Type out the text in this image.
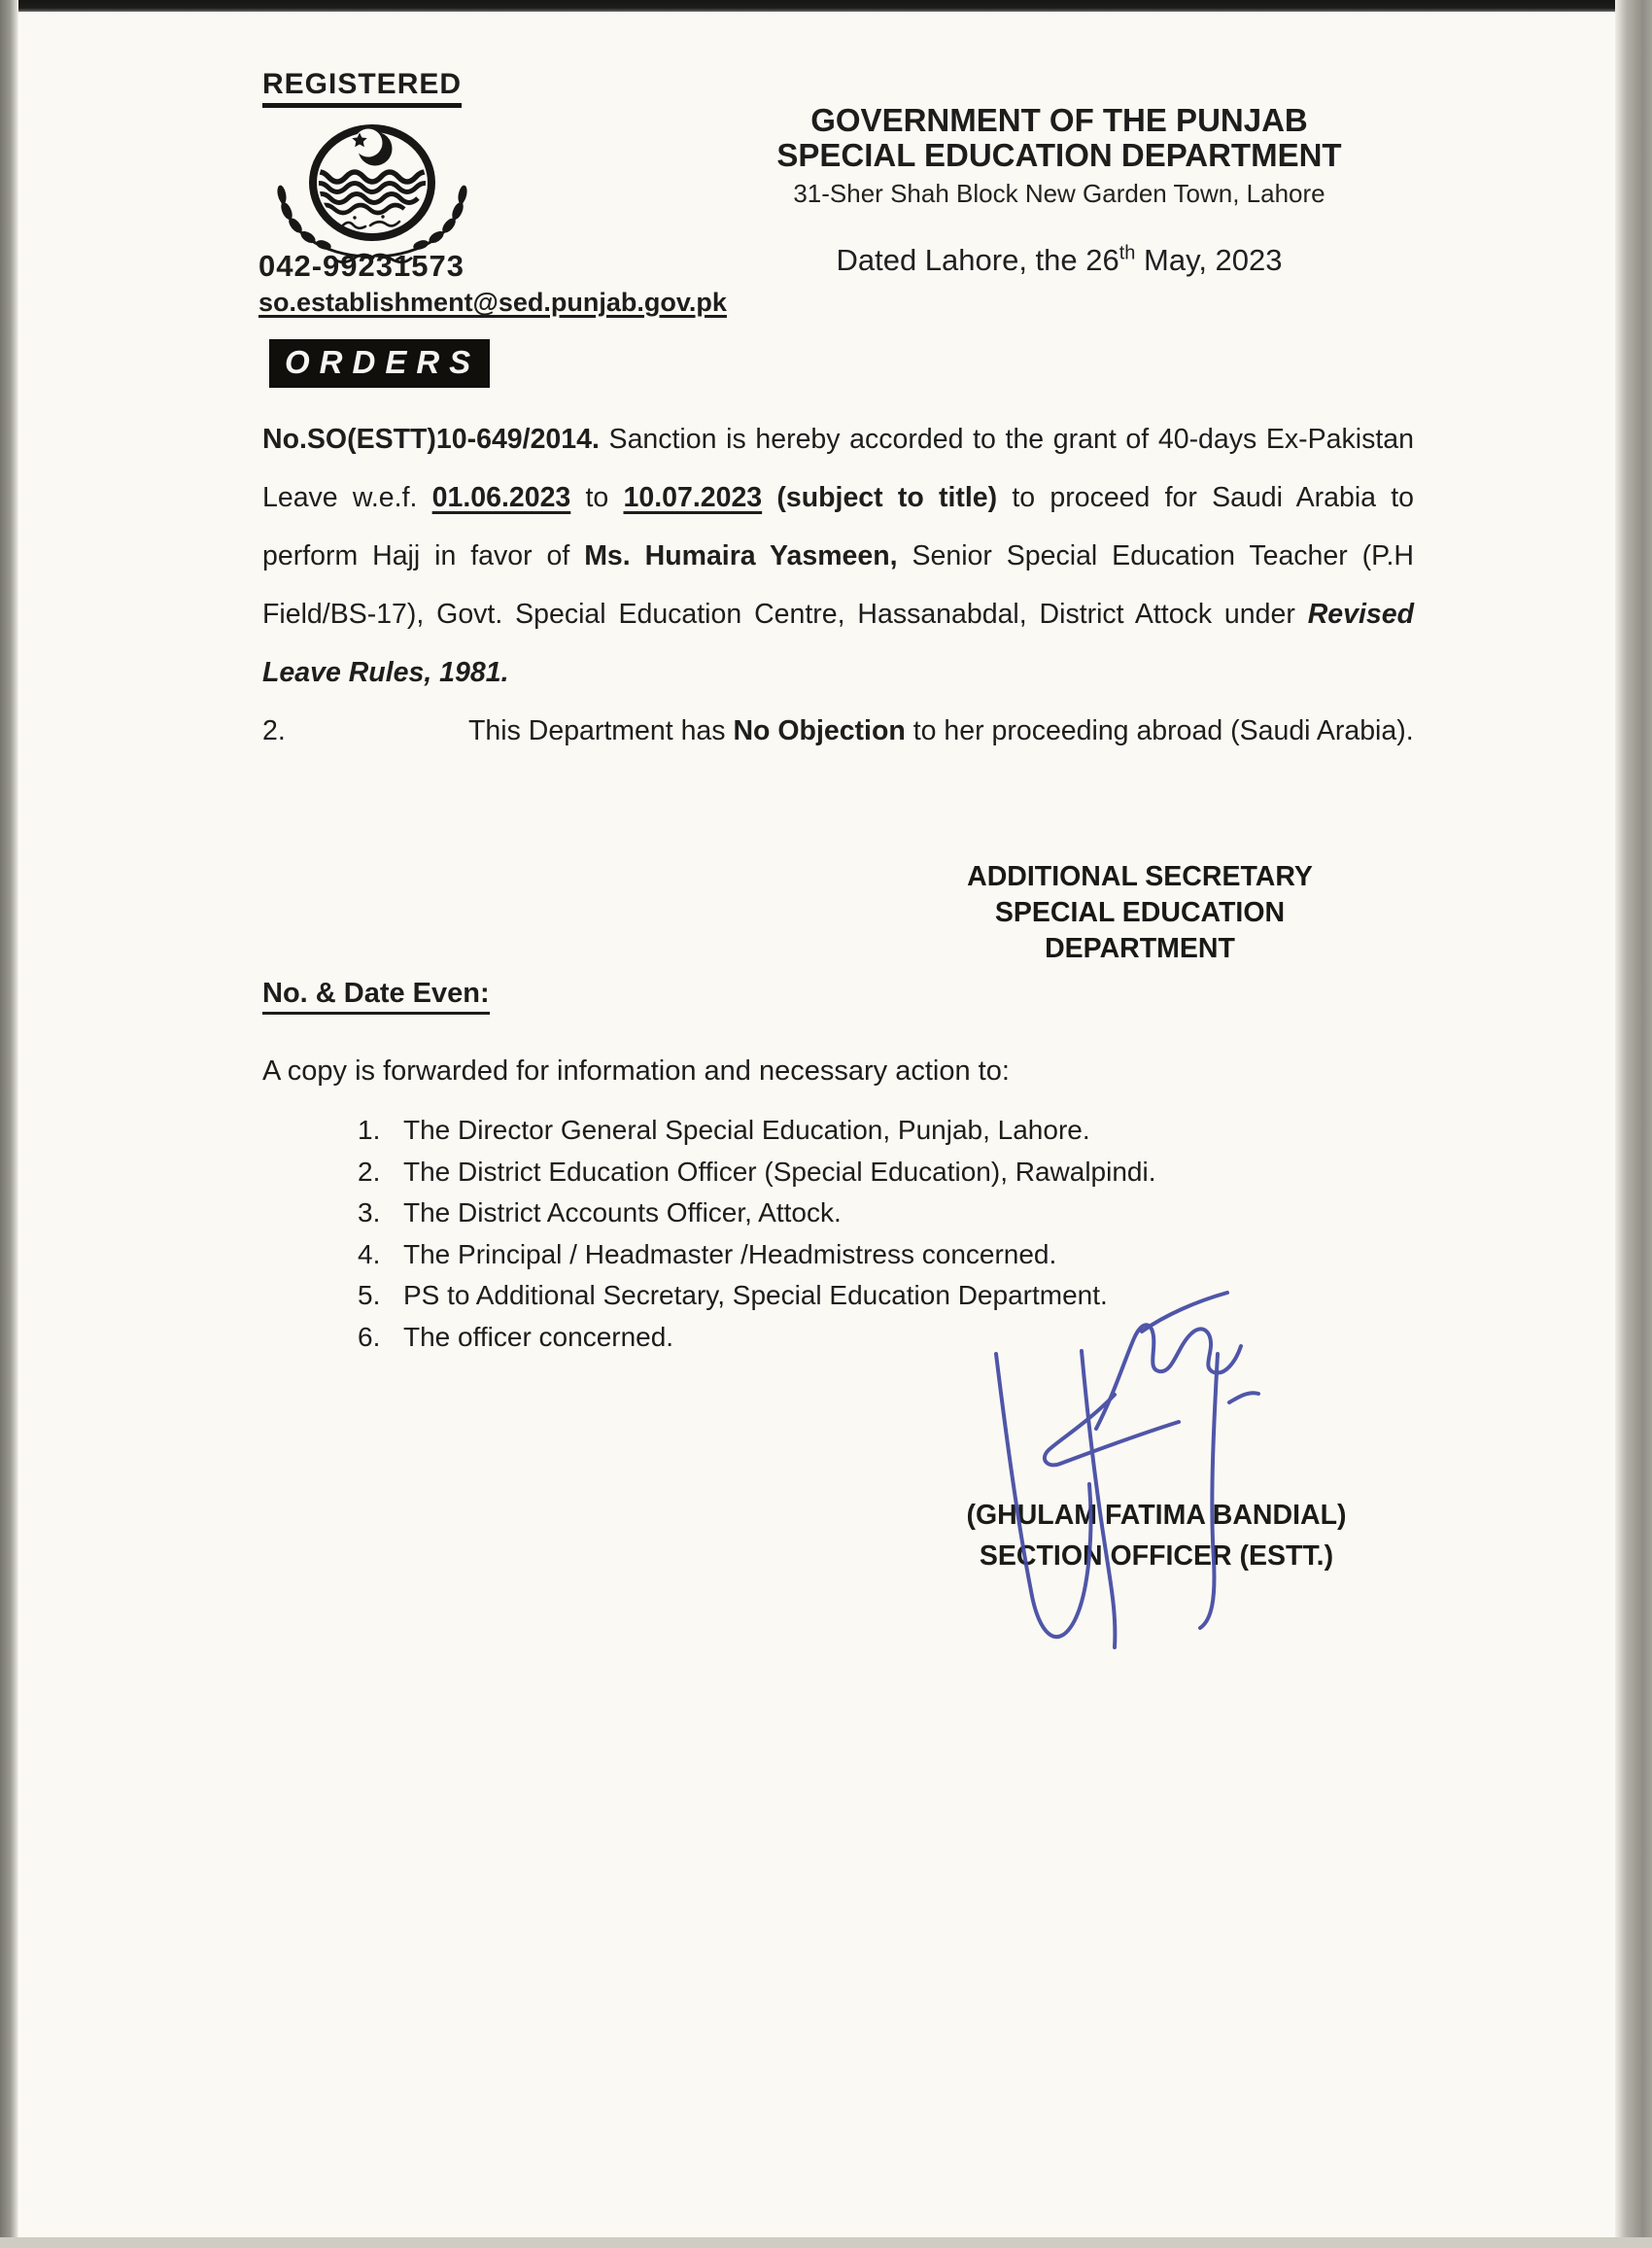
REGISTERED
042-99231573
so.establishment@sed.punjab.gov.pk
GOVERNMENT OF THE PUNJAB
SPECIAL EDUCATION DEPARTMENT
31-Sher Shah Block New Garden Town, Lahore
Dated Lahore, the 26th May, 2023
ORDERS
No.SO(ESTT)10-649/2014. Sanction is hereby accorded to the grant of 40-days Ex-Pakistan Leave w.e.f. 01.06.2023 to 10.07.2023 (subject to title) to proceed for Saudi Arabia to perform Hajj in favor of Ms. Humaira Yasmeen, Senior Special Education Teacher (P.H Field/BS-17), Govt. Special Education Centre, Hassanabdal, District Attock under Revised Leave Rules, 1981.
2.	This Department has No Objection to her proceeding abroad (Saudi Arabia).
ADDITIONAL SECRETARY
SPECIAL EDUCATION
DEPARTMENT
No. & Date Even:
A copy is forwarded for information and necessary action to:
1. The Director General Special Education, Punjab, Lahore.
2. The District Education Officer (Special Education), Rawalpindi.
3. The District Accounts Officer, Attock.
4. The Principal / Headmaster /Headmistress concerned.
5. PS to Additional Secretary, Special Education Department.
6. The officer concerned.
(GHULAM FATIMA BANDIAL)
SECTION OFFICER (ESTT.)
